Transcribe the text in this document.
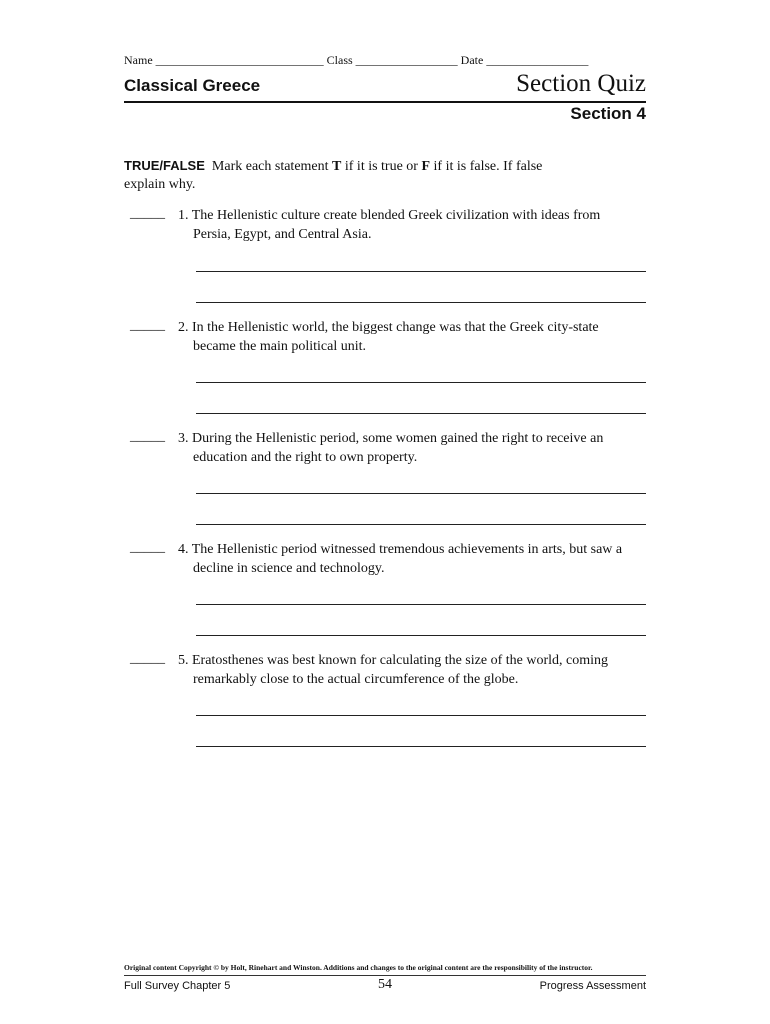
Name ____________________________ Class _________________ Date _________________
Classical Greece	Section Quiz
Section 4
TRUE/FALSE Mark each statement T if it is true or F if it is false. If false explain why.
_____ 1. The Hellenistic culture create blended Greek civilization with ideas from
Persia, Egypt, and Central Asia.
_____ 2. In the Hellenistic world, the biggest change was that the Greek city-state
became the main political unit.
_____ 3. During the Hellenistic period, some women gained the right to receive an
education and the right to own property.
_____ 4. The Hellenistic period witnessed tremendous achievements in arts, but saw a
decline in science and technology.
_____ 5. Eratosthenes was best known for calculating the size of the world, coming
remarkably close to the actual circumference of the globe.
Original content Copyright © by Holt, Rinehart and Winston. Additions and changes to the original content are the responsibility of the instructor.
Full Survey Chapter 5	54	Progress Assessment
